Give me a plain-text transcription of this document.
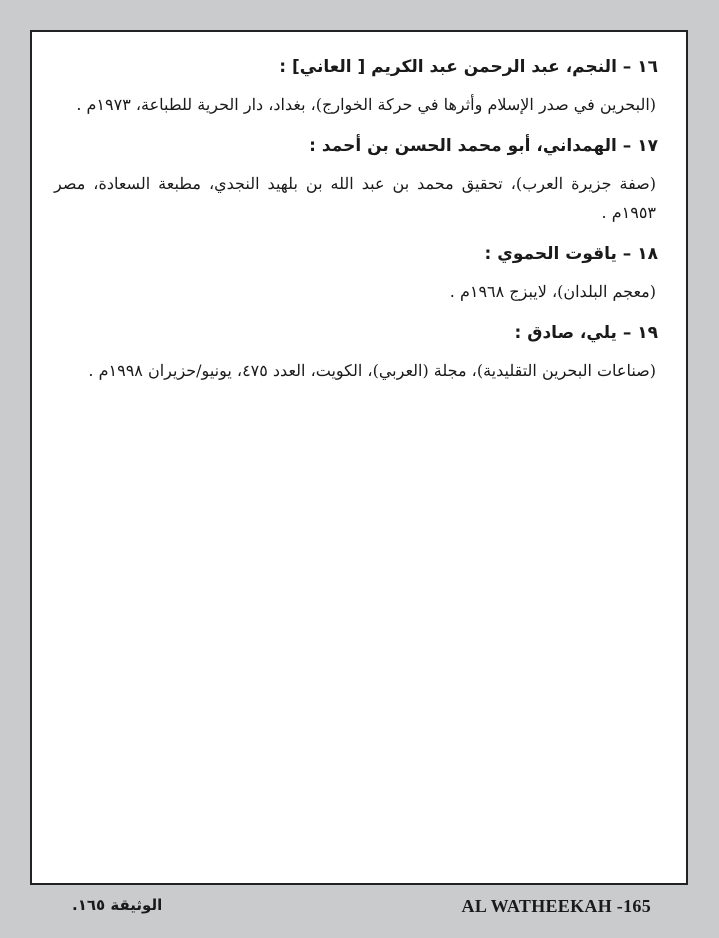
١٦ – النجم، عبد الرحمن عبد الكريم [ العاني] :
(البحرين في صدر الإسلام وأثرها في حركة الخوارج)، بغداد، دار الحرية للطباعة، ١٩٧٣م .
١٧ – الهمداني، أبو محمد الحسن بن أحمد :
(صفة جزيرة العرب)، تحقيق محمد بن عبد الله بن بلهيد النجدي، مطبعة السعادة، مصر ١٩٥٣م .
١٨ – ياقوت الحموي :
(معجم البلدان)، لايبزج ١٩٦٨م .
١٩ – يلي، صادق :
(صناعات البحرين التقليدية)، مجلة (العربي)، الكويت، العدد ٤٧٥، يونيو/حزيران ١٩٩٨م .
الوثيقة ١٦٥.	AL WATHEEKAH -165
